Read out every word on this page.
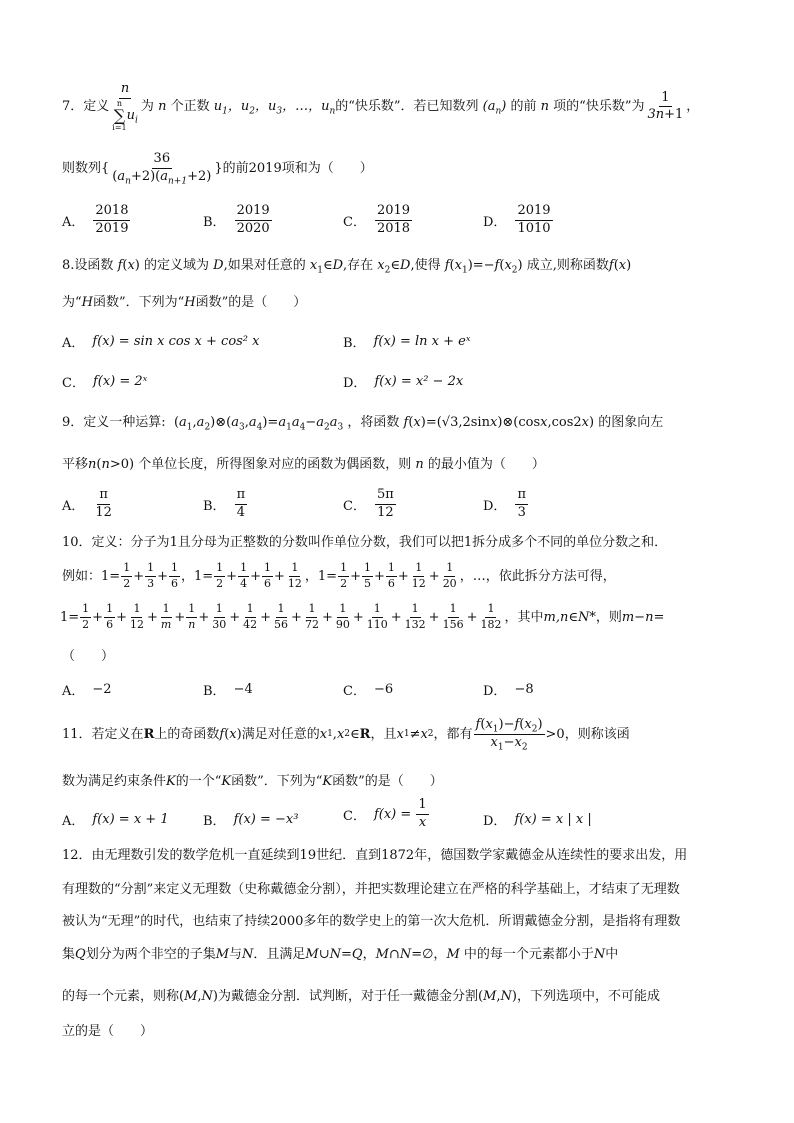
7． 定义
n
n
∑
$i=1u_i$
为 n 个正数 $u_1$，$u_2$，$u_3$，…，$u_n$ 的“快乐数”．若已知数列 $(a_n)$ 的前 n 项的“快乐数”为 $\frac{1}{3n+1}$ ，
则数列 { $\frac{36}{(a_n+2)(a_{n+1}+2)}$ } 的前 2019 项和为（　　）
A． $\frac{2018}{2019}$	B． $\frac{2019}{2020}$	C． $\frac{2019}{2018}$	D． $\frac{2019}{1010}$
8.设函数 f(x) 的定义域为 D,如果对任意的 $x_1\in D$,存在 $x_2\in D$,使得 $f(x_1)=-f(x_2)$ 成立,则称函数f(x)
为“H函数”．下列为“H函数”的是（　　）
A． f(x) = sin x cos x + cos² x	B． f(x) = ln x + eˣ
C． f(x) = 2ˣ	D． f(x) = x² − 2x
9．定义一种运算:  $(a_1,a_2)\otimes(a_3,a_4)=a_1a_4-a_2a_3$ ，将函数 f(x)=(√3,2sinx)⊗(cosx,cos2x) 的图象向左
平移n(n>0) 个单位长度，所得图象对应的函数为偶函数，则 n 的最小值为（　　）
A． $\frac{\pi}{12}$	B． $\frac{\pi}{4}$	C． $\frac{5\pi}{12}$	D． $\frac{\pi}{3}$
10．定义：分子为1且分母为正整数的分数叫作单位分数，我们可以把1拆分成多个不同的单位分数之和．
例如： $1= \frac{1}{2} + \frac{1}{3} + \frac{1}{6}$ ，$1= \frac{1}{2} + \frac{1}{4} + \frac{1}{6} + \frac{1}{12}$ ，$1= \frac{1}{2} + \frac{1}{5} + \frac{1}{6} + \frac{1}{12} + \frac{1}{20}$ ，… ，依此拆分方法可得，
$1= \frac{1}{2} + \frac{1}{6} + \frac{1}{12} + \frac{1}{m} + \frac{1}{n} + \frac{1}{30} + \frac{1}{42} + \frac{1}{56} + \frac{1}{72} + \frac{1}{90} + \frac{1}{110} + \frac{1}{132} + \frac{1}{156} + \frac{1}{182}$ ，其中 m,n∈N* ，则 m−n=
（　　）
A． −2	B． −4	C． −6	D． −8
11． 若定义在 R 上的奇函数 f ( x ) 满足对任意的 x 1 , x 2 ∈ R ，且 x 1 ≠ x 2 ，都有 $\frac{f(x_1)-f(x_2)}{x_1-x_2} >0$ ，则称该函
数为满足约束条件K的一个“K函数”．下列为“K函数”的是（　　）
A． f(x) = x + 1	B． f(x) = −x³	C． f(x) =
$\frac{1}{x}$	D． f(x) = x | x |
12．由无理数引发的数学危机一直延续到19世纪．直到1872年，德国数学家戴德金从连续性的要求出发，用
有理数的“分割”来定义无理数（史称戴德金分割），并把实数理论建立在严格的科学基础上，才结束了无理数
被认为“无理”的时代，也结束了持续2000多年的数学史上的第一次大危机．所谓戴德金分割，是指将有理数
集Q划分为两个非空的子集M与N．且满足M∪N=Q，M∩N=∅，M 中的每一个元素都小于N中
的每一个元素，则称(M,N)为戴德金分割．试判断，对于任一戴德金分割(M,N)，下列选项中，不可能成
立的是（　　）
